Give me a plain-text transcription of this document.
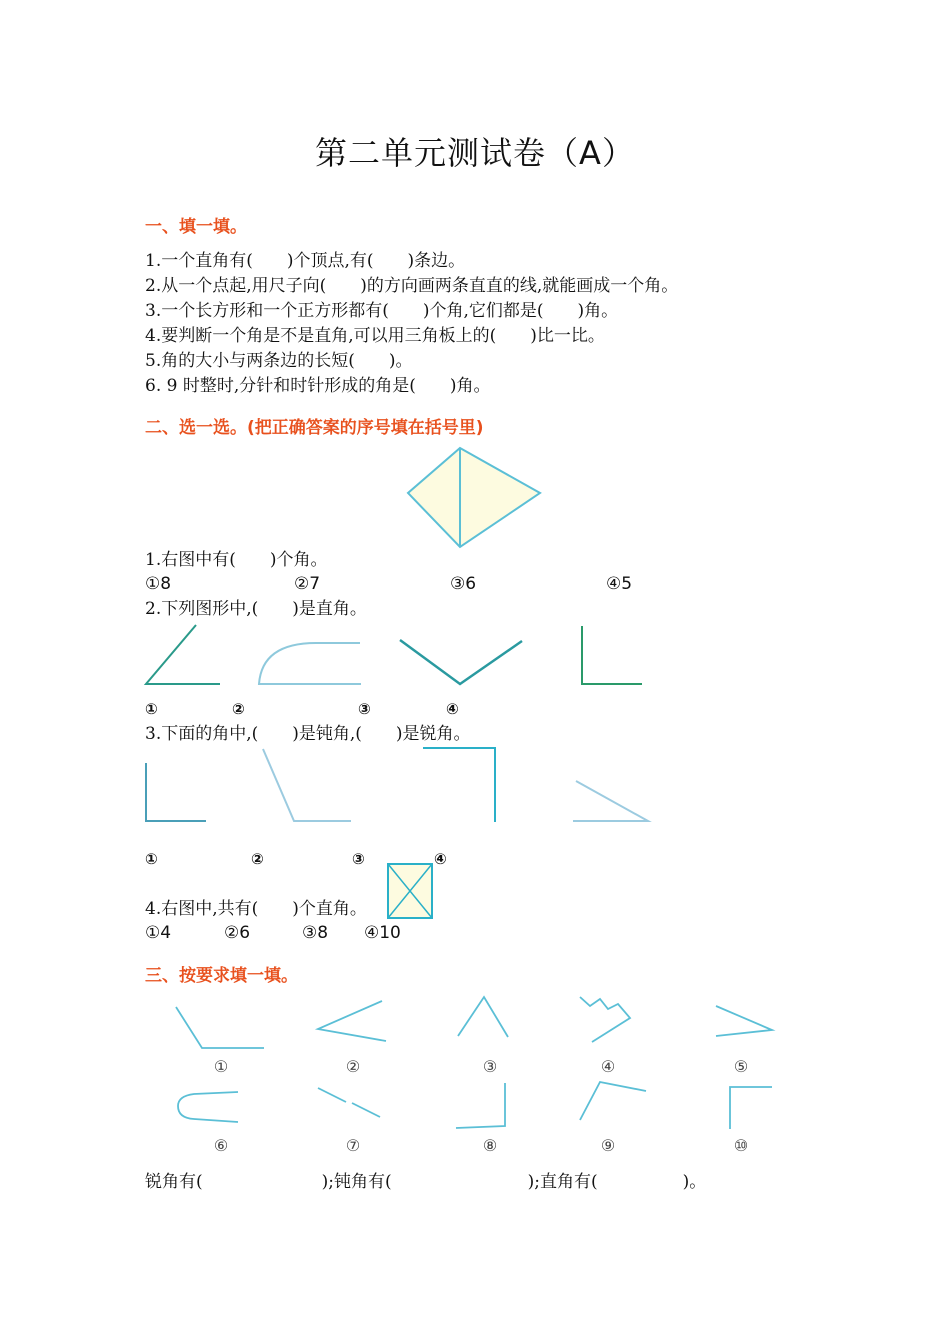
第二单元测试卷（A）
一、填一填。
1.一个直角有(　　)个顶点,有(　　)条边。
2.从一个点起,用尺子向(　　)的方向画两条直直的线,就能画成一个角。
3.一个长方形和一个正方形都有(　　)个角,它们都是(　　)角。
4.要判断一个角是不是直角,可以用三角板上的(　　)比一比。
5.角的大小与两条边的长短(　　)。
6. 9 时整时,分针和时针形成的角是(　　)角。
二、选一选。(把正确答案的序号填在括号里)
1.右图中有(　　)个角。
①8	②7	③6	④5
2.下列图形中,(　　)是直角。
①	②	③	④
3.下面的角中,(　　)是钝角,(　　)是锐角。
①	②	③	④
4.右图中,共有(　　)个直角。
①4	②6	③8 ④10
三、按要求填一填。
①	②	③	④	⑤
⑥	⑦	⑧	⑨	⑩
锐角有(　　　　　　　);钝角有(　　　　　　　　);直角有(　　　　　)。
